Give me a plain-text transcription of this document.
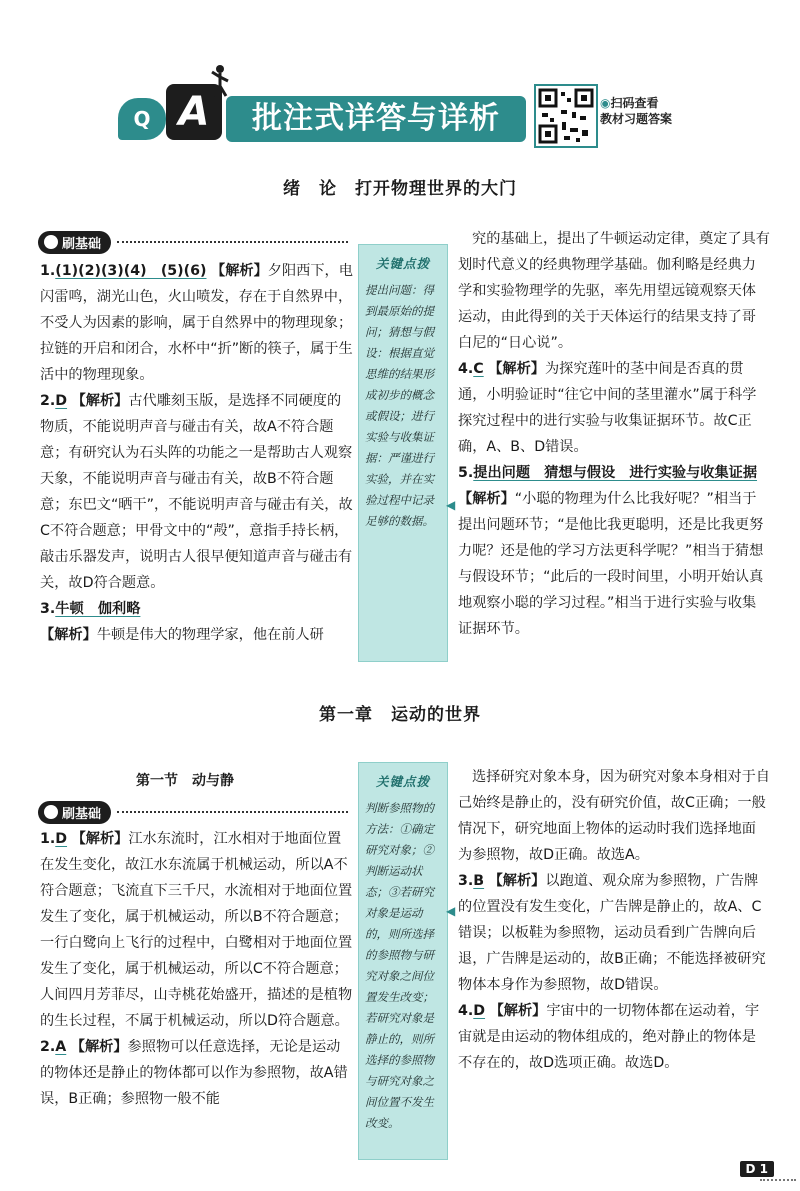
Q A	批注式详答与详析	◉扫码查看
教材习题答案
绪　论　打开物理世界的大门
刷基础

1.(1)(2)(3)(4)　(5)(6) 【解析】夕阳西下，电闪雷鸣，湖光山色，火山喷发，存在于自然界中，不受人为因素的影响，属于自然界中的物理现象；拉链的开启和闭合，水杯中“折”断的筷子，属于生活中的物理现象。

2.D 【解析】古代雕刻玉版，是选择不同硬度的物质，不能说明声音与碰击有关，故A不符合题意；有研究认为石头阵的功能之一是帮助古人观察天象，不能说明声音与碰击有关，故B不符合题意；东巴文“晒干”，不能说明声音与碰击有关，故C不符合题意；甲骨文中的“殸”，意指手持长柄，敲击乐器发声，说明古人很早便知道声音与碰击有关，故D符合题意。

3.牛顿　伽利略

【解析】牛顿是伟大的物理学家，他在前人研

关键点拨
提出问题：得到最原始的提问；猜想与假设：根据直觉思维的结果形成初步的概念或假设；进行实验与收集证据：严谨进行实验，并在实验过程中记录足够的数据。
◀

究的基础上，提出了牛顿运动定律，奠定了具有划时代意义的经典物理学基础。伽利略是经典力学和实验物理学的先驱，率先用望远镜观察天体运动，由此得到的关于天体运行的结果支持了哥白尼的“日心说”。

4.C 【解析】为探究莲叶的茎中间是否真的贯通，小明验证时“往它中间的茎里灌水”属于科学探究过程中的进行实验与收集证据环节。故C正确，A、B、D错误。

5.提出问题　猜想与假设　进行实验与收集证据 【解析】“小聪的物理为什么比我好呢？”相当于提出问题环节；“是他比我更聪明，还是比我更努力呢？还是他的学习方法更科学呢？”相当于猜想与假设环节；“此后的一段时间里，小明开始认真地观察小聪的学习过程。”相当于进行实验与收集证据环节。

第一章　运动的世界
第一节　动与静
刷基础

1.D 【解析】江水东流时，江水相对于地面位置在发生变化，故江水东流属于机械运动，所以A不符合题意；飞流直下三千尺，水流相对于地面位置发生了变化，属于机械运动，所以B不符合题意；一行白鹭向上飞行的过程中，白鹭相对于地面位置发生了变化，属于机械运动，所以C不符合题意；人间四月芳菲尽，山寺桃花始盛开，描述的是植物的生长过程，不属于机械运动，所以D符合题意。

2.A 【解析】参照物可以任意选择，无论是运动的物体还是静止的物体都可以作为参照物，故A错误，B正确；参照物一般不能

关键点拨
判断参照物的方法：①确定研究对象；②判断运动状态；③若研究对象是运动的，则所选择的参照物与研究对象之间位置发生改变；若研究对象是静止的，则所选择的参照物与研究对象之间位置不发生改变。
◀

选择研究对象本身，因为研究对象本身相对于自己始终是静止的，没有研究价值，故C正确；一般情况下，研究地面上物体的运动时我们选择地面为参照物，故D正确。故选A。

3.B 【解析】以跑道、观众席为参照物，广告牌的位置没有发生变化，广告牌是静止的，故A、C错误；以板鞋为参照物，运动员看到广告牌向后退，广告牌是运动的，故B正确；不能选择被研究物体本身作为参照物，故D错误。

4.D 【解析】宇宙中的一切物体都在运动着，宇宙就是由运动的物体组成的，绝对静止的物体是不存在的，故D选项正确。故选D。

D 1
